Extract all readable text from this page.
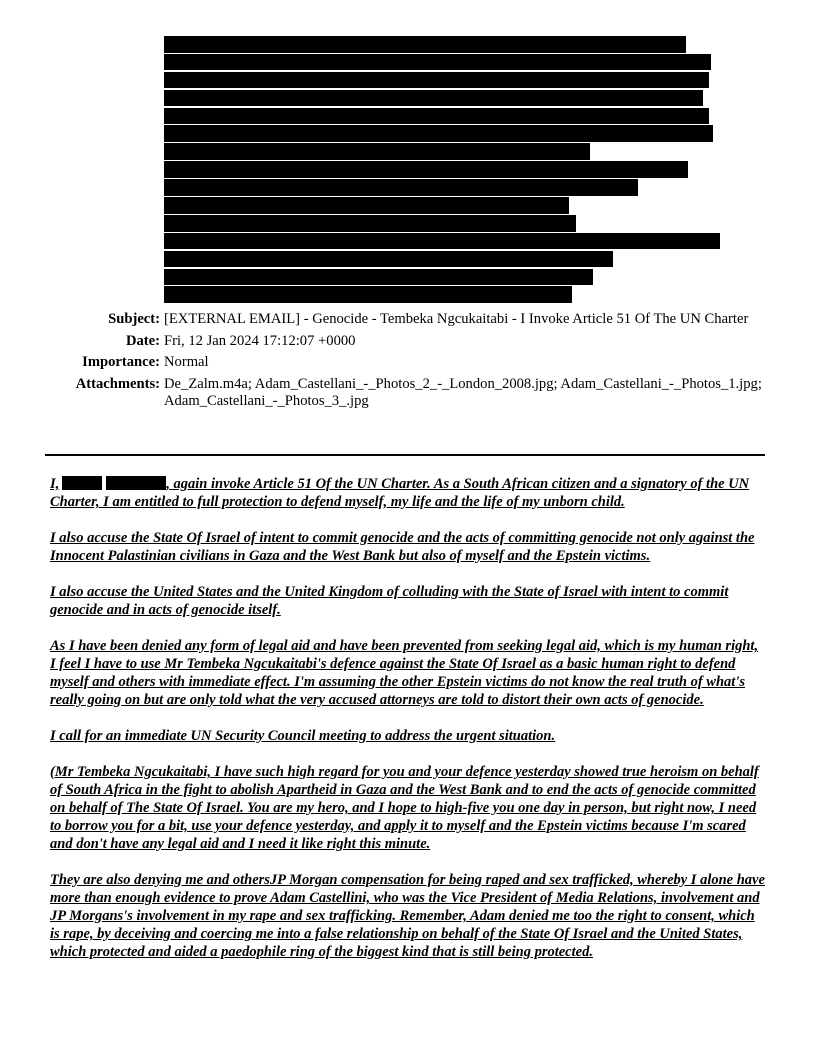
Subject: [EXTERNAL EMAIL] - Genocide - Tembeka Ngcukaitabi - I Invoke Article 51 Of The UN Charter
Date: Fri, 12 Jan 2024 17:12:07 +0000
Importance: Normal
Attachments: De_Zalm.m4a; Adam_Castellani_-_Photos_2_-_London_2008.jpg; Adam_Castellani_-_Photos_1.jpg; Adam_Castellani_-_Photos_3_.jpg

I,	, again invoke Article 51 Of the UN Charter. As a South African citizen and a signatory of the UN Charter, I am entitled to full protection to defend myself, my life and the life of my unborn child.

I also accuse the State Of Israel of intent to commit genocide and the acts of committing genocide not only against the Innocent Palastinian civilians in Gaza and the West Bank but also of myself and the Epstein victims.

I also accuse the United States and the United Kingdom of colluding with the State of Israel with intent to commit genocide and in acts of genocide itself.

As I have been denied any form of legal aid and have been prevented from seeking legal aid, which is my human right, I feel I have to use Mr Tembeka Ngcukaitabi's defence against the State Of Israel as a basic human right to defend myself and others with immediate effect. I'm assuming the other Epstein victims do not know the real truth of what's really going on but are only told what the very accused attorneys are told to distort their own acts of genocide.

I call for an immediate UN Security Council meeting to address the urgent situation.

(Mr Tembeka Ngcukaitabi, I have such high regard for you and your defence yesterday showed true heroism on behalf of South Africa in the fight to abolish Apartheid in Gaza and the West Bank and to end the acts of genocide committed on behalf of The State Of Israel. You are my hero, and I hope to high-five you one day in person, but right now, I need to borrow you for a bit, use your defence yesterday, and apply it to myself and the Epstein victims because I'm scared and don't have any legal aid and I need it like right this minute.

They are also denying me and othersJP Morgan compensation for being raped and sex trafficked, whereby I alone have more than enough evidence to prove Adam Castellini, who was the Vice President of Media Relations, involvement and JP Morgans's involvement in my rape and sex trafficking. Remember, Adam denied me too the right to consent, which is rape, by deceiving and coercing me into a false relationship on behalf of the State Of Israel and the United States, which protected and aided a paedophile ring of the biggest kind that is still being protected.
